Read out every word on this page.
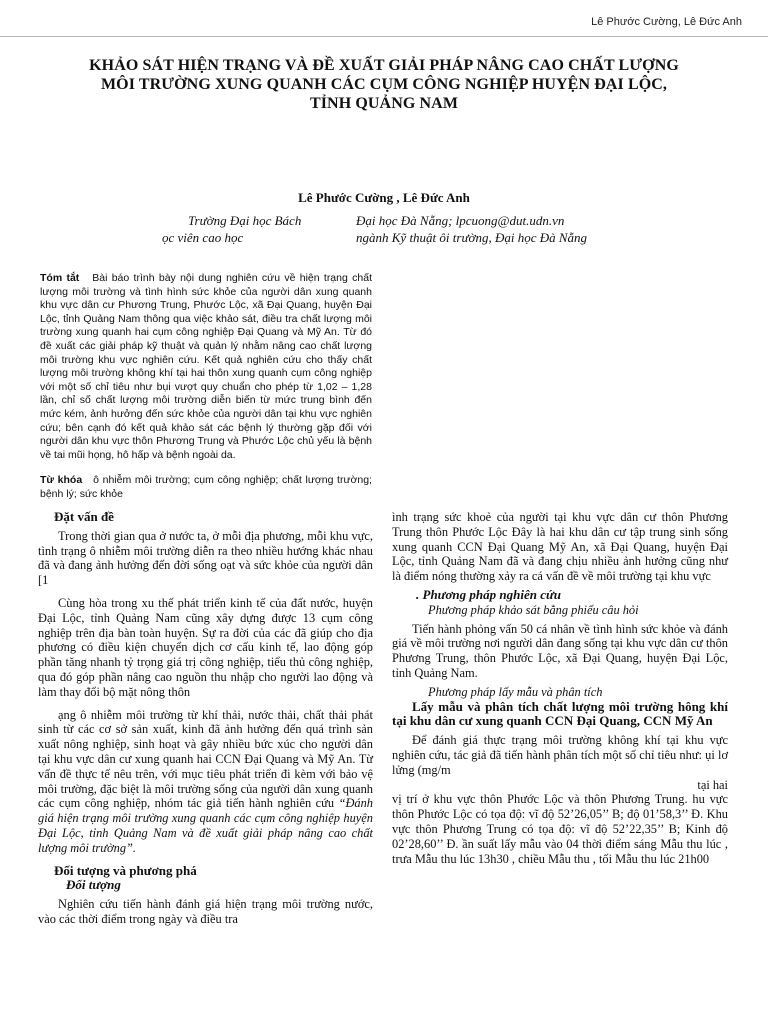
Lê Phước Cường, Lê Đức Anh
KHẢO SÁT HIỆN TRẠNG VÀ ĐỀ XUẤT GIẢI PHÁP NÂNG CAO CHẤT LƯỢNG
MÔI TRƯỜNG XUNG QUANH CÁC CỤM CÔNG NGHIỆP HUYỆN ĐẠI LỘC,
TỈNH QUẢNG NAM
Lê Phước Cường , Lê Đức Anh
Trường Đại học Bách	Đại học Đà Nẵng; lpcuong@dut.udn.vn
ọc viên cao học	ngành Kỹ thuật ôi trường, Đại học Đà Nẵng

Tóm tắt Bài báo trình bày nội dung nghiên cứu về hiện trạng chất lượng môi trường và tình hình sức khỏe của người dân xung quanh khu vực dân cư Phương Trung, Phước Lộc, xã Đại Quang, huyện Đại Lộc, tỉnh Quảng Nam thông qua việc khảo sát, điều tra chất lượng môi trường xung quanh hai cụm công nghiệp Đại Quang và Mỹ An. Từ đó đề xuất các giải pháp kỹ thuật và quản lý nhằm nâng cao chất lượng môi trường khu vực nghiên cứu. Kết quả nghiên cứu cho thấy chất lượng môi trường không khí tại hai thôn xung quanh cụm công nghiệp với một số chỉ tiêu như bụi vượt quy chuẩn cho phép từ 1,02 – 1,28 lần, chỉ số chất lượng môi trường diễn biến từ mức trung bình đến mức kém, ảnh hưởng đến sức khỏe của người dân tại khu vực nghiên cứu; bên cạnh đó kết quả khảo sát các bệnh lý thường gặp đối với người dân khu vực thôn Phương Trung và Phước Lộc chủ yếu là bệnh về tai mũi họng, hô hấp và bệnh ngoài da.

Từ khóa ô nhiễm môi trường; cụm công nghiệp; chất lượng trường; bệnh lý; sức khỏe

Đặt vấn đề

Trong thời gian qua ở nước ta, ở mỗi địa phương, mỗi khu vực, tình trạng ô nhiễm môi trường diễn ra theo nhiều hướng khác nhau đã và đang ảnh hưởng đến đời sống oạt và sức khỏe của người dân [1

Cùng hòa trong xu thế phát triển kinh tế của đất nước, huyện Đại Lộc, tỉnh Quảng Nam cũng xây dựng được 13 cụm công nghiệp trên địa bàn toàn huyện. Sự ra đời của các đã giúp cho địa phương có điều kiện chuyển dịch cơ cấu kinh tế, lao động góp phần tăng nhanh tỷ trọng giá trị công nghiệp, tiểu thủ công nghiệp, qua đó góp phần nâng cao nguồn thu nhập cho người lao động và làm thay đổi bộ mặt nông thôn

ạng ô nhiễm môi trường từ khí thải, nước thải, chất thải phát sinh từ các cơ sở sản xuất, kinh đã ảnh hưởng đến quá trình sản xuất nông nghiệp, sinh hoạt và gây nhiều bức xúc cho người dân tại khu vực dân cư xung quanh hai CCN Đại Quang và Mỹ An. Từ vấn đề thực tế nêu trên, với mục tiêu phát triển đi kèm với bảo vệ môi trường, đặc biệt là môi trường sống của người dân xung quanh các cụm công nghiệp, nhóm tác giả tiến hành nghiên cứu “Đánh giá hiện trạng môi trường xung quanh các cụm công nghiệp huyện Đại Lộc, tỉnh Quảng Nam và đề xuất giải pháp nâng cao chất lượng môi trường”.

Đối tượng và phương phá

Đối tượng

Nghiên cứu tiến hành đánh giá hiện trạng môi trường nước, vào các thời điểm trong ngày và điều tra

ình trạng sức khoẻ của người tại khu vực dân cư thôn Phương Trung thôn Phước Lộc Đây là hai khu dân cư tập trung sinh sống xung quanh CCN Đại Quang Mỹ An, xã Đại Quang, huyện Đại Lộc, tỉnh Quảng Nam đã và đang chịu nhiều ảnh hưởng cũng như là điểm nóng thường xảy ra cá vấn đề về môi trường tại khu vực

. Phương pháp nghiên cứu

Phương pháp khảo sát bằng phiếu câu hỏi

Tiến hành phỏng vấn 50 cá nhân về tình hình sức khỏe và đánh giá về môi trường nơi người dân đang sống tại khu vực dân cư thôn Phương Trung, thôn Phước Lộc, xã Đại Quang, huyện Đại Lộc, tỉnh Quảng Nam.

Phương pháp lấy mẫu và phân tích

Lấy mẫu và phân tích chất lượng môi trường hông khí tại khu dân cư xung quanh CCN Đại Quang, CCN Mỹ An

Để đánh giá thực trạng môi trường không khí tại khu vực nghiên cứu, tác giả đã tiến hành phân tích một số chỉ tiêu như: ụi lơ lửng (mg/m

tại hai

vị trí ở khu vực thôn Phước Lộc và thôn Phương Trung. hu vực thôn Phước Lộc có tọa độ: vĩ độ 52’26,05’’ B; độ 01’58,3’’ Đ. Khu vực thôn Phương Trung có tọa độ: vĩ độ 52’22,35’’ B; Kinh độ 02’28,60’’ Đ. ần suất lấy mẫu vào 04 thời điểm sáng Mẫu thu lúc , trưa Mẫu thu lúc 13h30 , chiều Mẫu thu , tối Mẫu thu lúc 21h00
